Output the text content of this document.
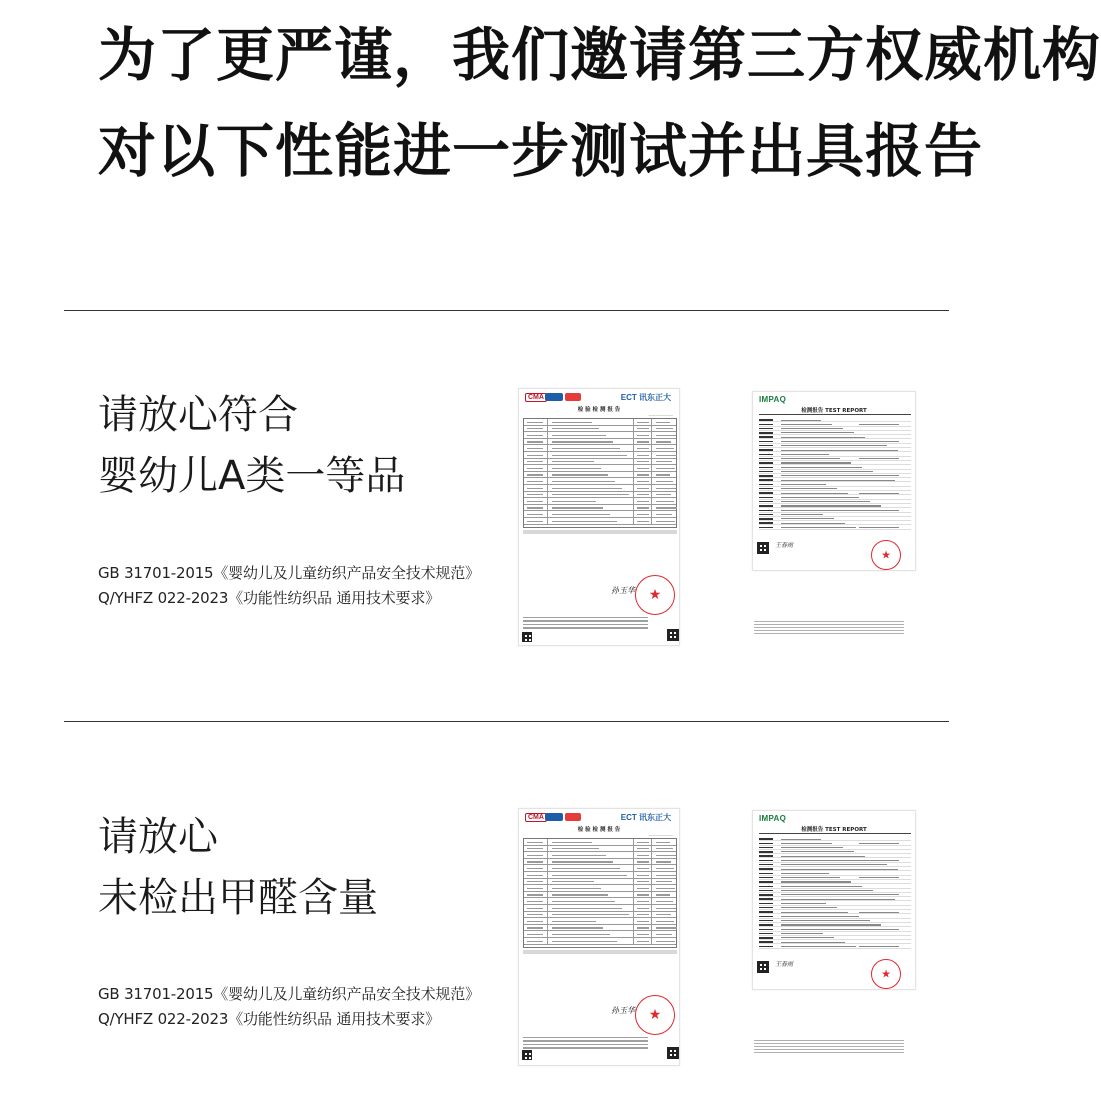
为了更严谨，我们邀请第三方权威机构
对以下性能进一步测试并出具报告
请放心符合
婴幼儿A类一等品
GB 31701-2015《婴幼儿及儿童纺织产品安全技术规范》
Q/YHFZ 022-2023《功能性纺织品 通用技术要求》
CMA	ECT 讯东正大
检 验 检 测 报 告
———————
孙玉华 ★
IMPAQ
检测报告 TEST REPORT
王春雨
★
请放心
未检出甲醛含量
GB 31701-2015《婴幼儿及儿童纺织产品安全技术规范》
Q/YHFZ 022-2023《功能性纺织品 通用技术要求》
CMA	ECT 讯东正大
检 验 检 测 报 告
———————
孙玉华 ★
IMPAQ
检测报告 TEST REPORT
王春雨
★
